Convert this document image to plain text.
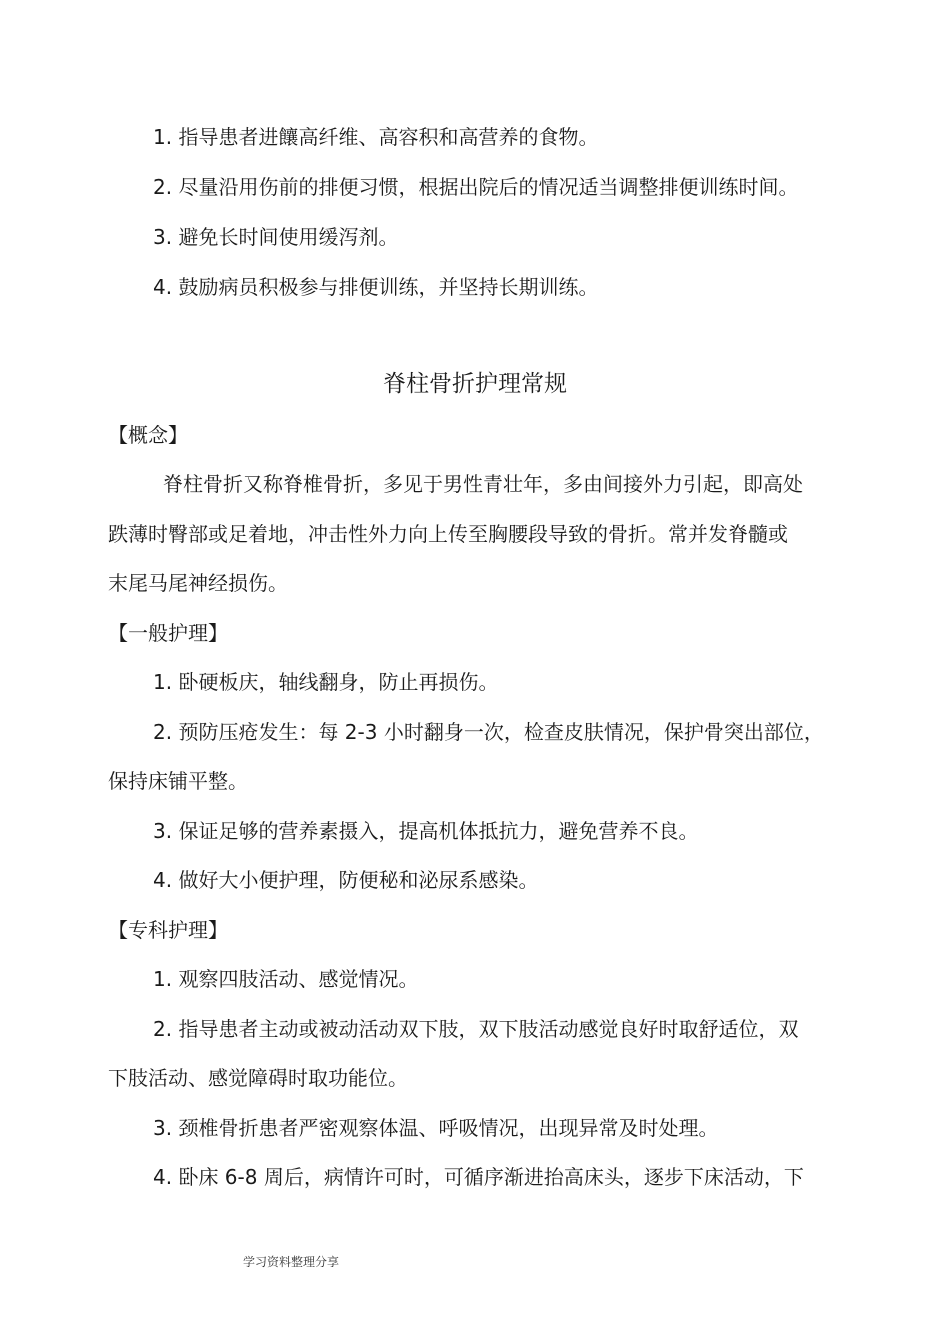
1. 指导患者进饟高纤维、高容积和高营养的食物。
2. 尽量沿用伤前的排便习惯，根据出院后的情况适当调整排便训练时间。
3. 避免长时间使用缓泻剂。
4. 鼓励病员积极参与排便训练，并坚持长期训练。
脊柱骨折护理常规
【概念】
脊柱骨折又称脊椎骨折，多见于男性青壮年，多由间接外力引起，即高处
跌薄时臀部或足着地，冲击性外力向上传至胸腰段导致的骨折。常并发脊髓或
末尾马尾神经损伤。
【一般护理】
1. 卧硬板庆，轴线翻身，防止再损伤。
2. 预防压疮发生：每 2-3 小时翻身一次，检查皮肤情况，保护骨突出部位，
保持床铺平整。
3. 保证足够的营养素摄入，提高机体抵抗力，避免营养不良。
4. 做好大小便护理，防便秘和泌尿系感染。
【专科护理】
1. 观察四肢活动、感觉情况。
2. 指导患者主动或被动活动双下肢，双下肢活动感觉良好时取舒适位，双
下肢活动、感觉障碍时取功能位。
3. 颈椎骨折患者严密观察体温、呼吸情况，出现异常及时处理。
4. 卧床 6-8 周后，病情许可时，可循序渐进抬高床头，逐步下床活动，下
学习资料整理分享
